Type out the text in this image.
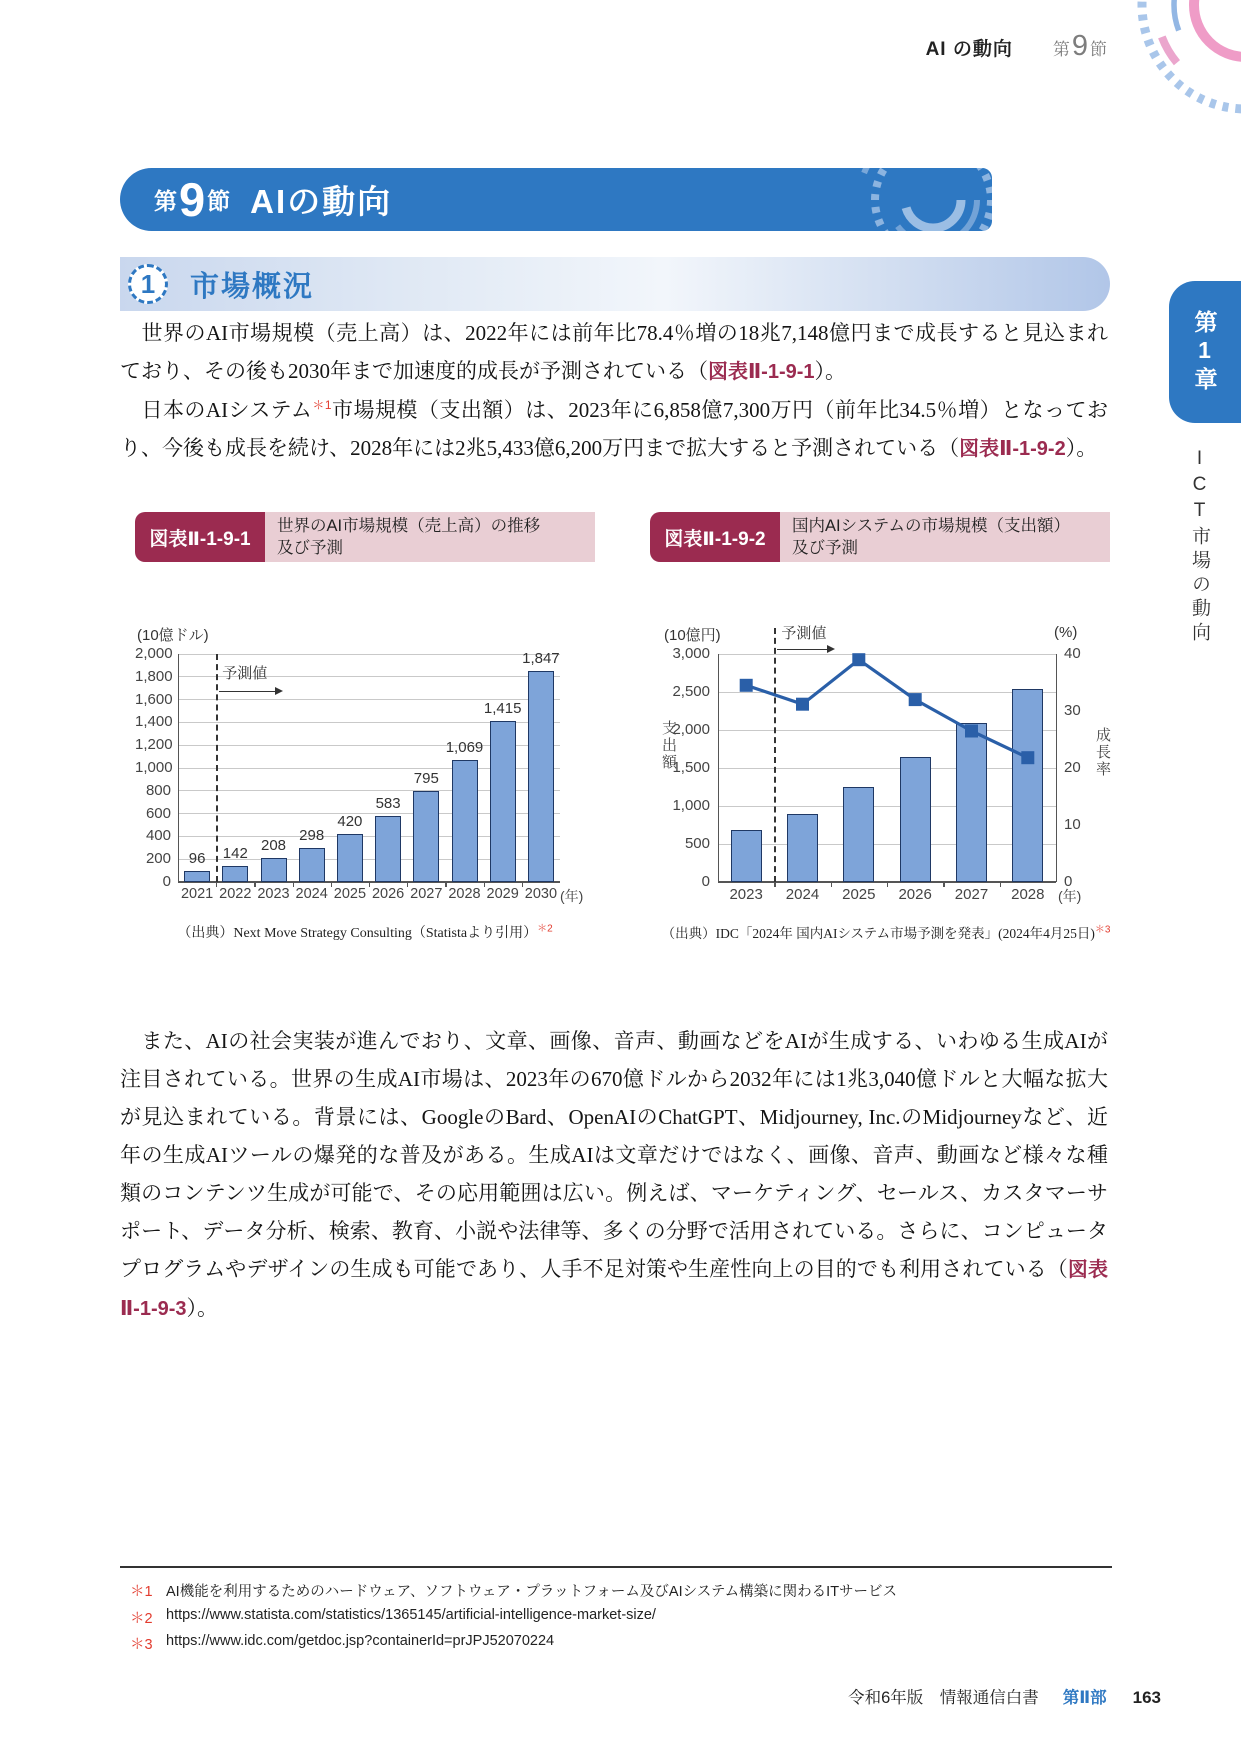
AI の動向 第 9 節
第 9 節 AIの動向
1	市場概況

　世界のAI市場規模（売上高）は、2022年には前年比78.4％増の18兆7,148億円まで成長すると見込まれており、その後も2030年まで加速度的成長が予測されている（図表Ⅱ-1-9-1）。

　日本のAIシステム$^{*1}$市場規模（支出額）は、2023年に6,858億7,300万円（前年比34.5％増）となっており、今後も成長を続け、2028年には2兆5,433億6,200万円まで拡大すると予測されている（図表Ⅱ-1-9-2）。

図表Ⅱ-1-9-1
世界のAI市場規模（売上高）の推移
及び予測
(10億ドル)
0
200
400
600
800
1,000
1,200
1,400
1,600
1,800
2,000
96
2021
142
2022
208
2023
298
2024
420
2025
583
2026
795
2027
1,069
2028
1,415
2029
1,847
2030
予測値
(年)
（出典）Next Move Strategy Consulting（Statistaより引用）$^{*2}$
図表Ⅱ-1-9-2
国内AIシステムの市場規模（支出額）
及び予測
(10億円)	(%)
支出額	成長率
0
500
1,000
1,500
2,000
2,500
3,000
0
10
20
30
40
2023	2024	2025	2026	2027	2028
予測値
(年)
（出典）IDC「2024年 国内AIシステム市場予測を発表」(2024年4月25日)$^{*3}$

　また、AIの社会実装が進んでおり、文章、画像、音声、動画などをAIが生成する、いわゆる生成AIが注目されている。世界の生成AI市場は、2023年の670億ドルから2032年には1兆3,040億ドルと大幅な拡大が見込まれている。背景には、GoogleのBard、OpenAIのChatGPT、Midjourney, Inc.のMidjourneyなど、近年の生成AIツールの爆発的な普及がある。生成AIは文章だけではなく、画像、音声、動画など様々な種類のコンテンツ生成が可能で、その応用範囲は広い。例えば、マーケティング、セールス、カスタマーサポート、データ分析、検索、教育、小説や法律等、多くの分野で活用されている。さらに、コンピュータプログラムやデザインの生成も可能であり、人手不足対策や生産性向上の目的でも利用されている（図表Ⅱ-1-9-3）。

＊1 AI機能を利用するためのハードウェア、ソフトウェア・プラットフォーム及びAIシステム構築に関わるITサービス
＊2 https://www.statista.com/statistics/1365145/artificial-intelligence-market-size/
＊3 https://www.idc.com/getdoc.jsp?containerId=prJPJ52070224
令和6年版　情報通信白書 第Ⅱ部 163
第1章
ICT市場の動向
